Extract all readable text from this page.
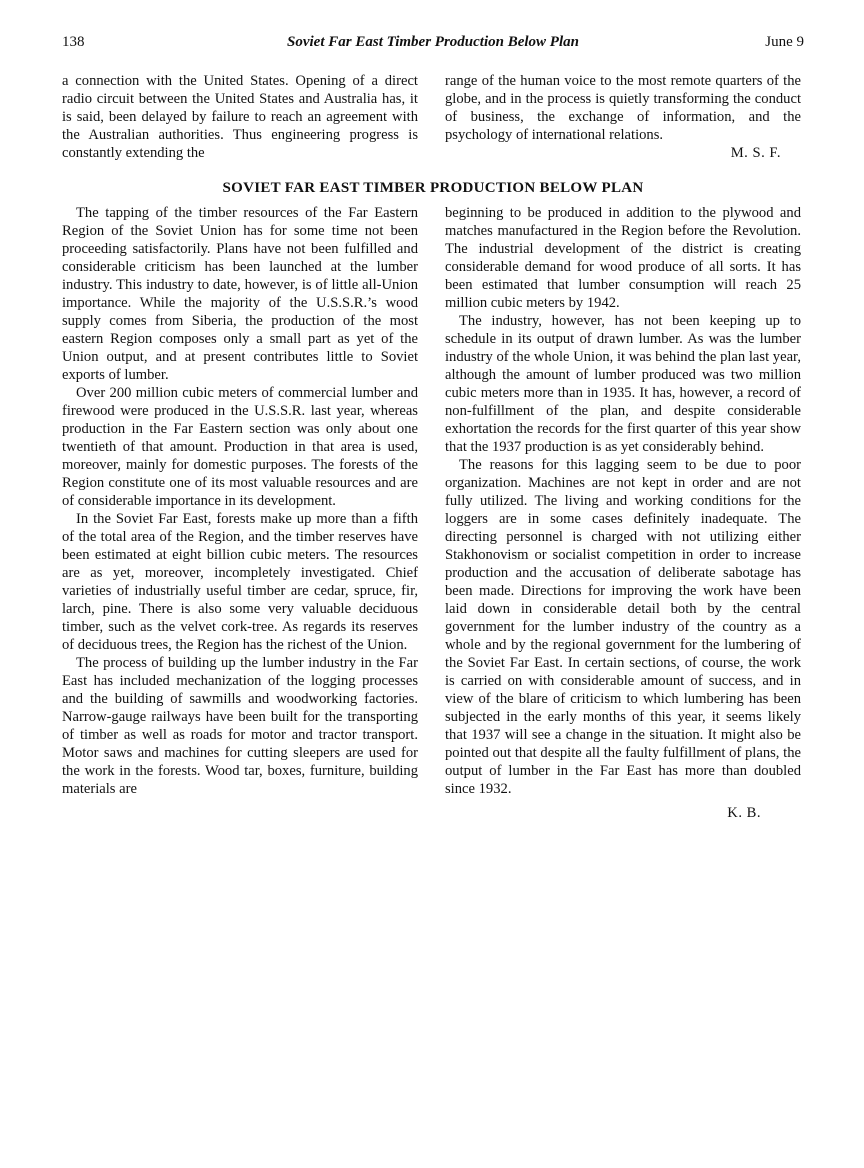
138	Soviet Far East Timber Production Below Plan	June 9

a connection with the United States. Opening of a direct radio circuit between the United States and Australia has, it is said, been delayed by failure to reach an agreement with the Australian authorities. Thus engineering progress is constantly extending the

range of the human voice to the most remote quarters of the globe, and in the process is quietly transforming the conduct of business, the exchange of information, and the psychology of international relations.

M. S. F.

SOVIET FAR EAST TIMBER PRODUCTION BELOW PLAN

The tapping of the timber resources of the Far Eastern Region of the Soviet Union has for some time not been proceeding satisfactorily. Plans have not been fulfilled and considerable criticism has been launched at the lumber industry. This industry to date, however, is of little all-Union importance. While the majority of the U.S.S.R.’s wood supply comes from Siberia, the production of the most eastern Region composes only a small part as yet of the Union output, and at present contributes little to Soviet exports of lumber.

Over 200 million cubic meters of commercial lumber and firewood were produced in the U.S.S.R. last year, whereas production in the Far Eastern section was only about one twentieth of that amount. Production in that area is used, moreover, mainly for domestic purposes. The forests of the Region constitute one of its most valuable resources and are of considerable importance in its development.

In the Soviet Far East, forests make up more than a fifth of the total area of the Region, and the timber reserves have been estimated at eight billion cubic meters. The resources are as yet, moreover, incompletely investigated. Chief varieties of industrially useful timber are cedar, spruce, fir, larch, pine. There is also some very valuable deciduous timber, such as the velvet cork-tree. As regards its reserves of deciduous trees, the Region has the richest of the Union.

The process of building up the lumber industry in the Far East has included mechanization of the logging processes and the building of sawmills and woodworking factories. Narrow-gauge railways have been built for the transporting of timber as well as roads for motor and tractor transport. Motor saws and machines for cutting sleepers are used for the work in the forests. Wood tar, boxes, furniture, building materials are

beginning to be produced in addition to the plywood and matches manufactured in the Region before the Revolution. The industrial development of the district is creating considerable demand for wood produce of all sorts. It has been estimated that lumber consumption will reach 25 million cubic meters by 1942.

The industry, however, has not been keeping up to schedule in its output of drawn lumber. As was the lumber industry of the whole Union, it was behind the plan last year, although the amount of lumber produced was two million cubic meters more than in 1935. It has, however, a record of non-fulfillment of the plan, and despite considerable exhortation the records for the first quarter of this year show that the 1937 production is as yet considerably behind.

The reasons for this lagging seem to be due to poor organization. Machines are not kept in order and are not fully utilized. The living and working conditions for the loggers are in some cases definitely inadequate. The directing personnel is charged with not utilizing either Stakhonovism or socialist competition in order to increase production and the accusation of deliberate sabotage has been made. Directions for improving the work have been laid down in considerable detail both by the central government for the lumber industry of the country as a whole and by the regional government for the lumbering of the Soviet Far East. In certain sections, of course, the work is carried on with considerable amount of success, and in view of the blare of criticism to which lumbering has been subjected in the early months of this year, it seems likely that 1937 will see a change in the situation. It might also be pointed out that despite all the faulty fulfillment of plans, the output of lumber in the Far East has more than doubled since 1932.

K. B.
